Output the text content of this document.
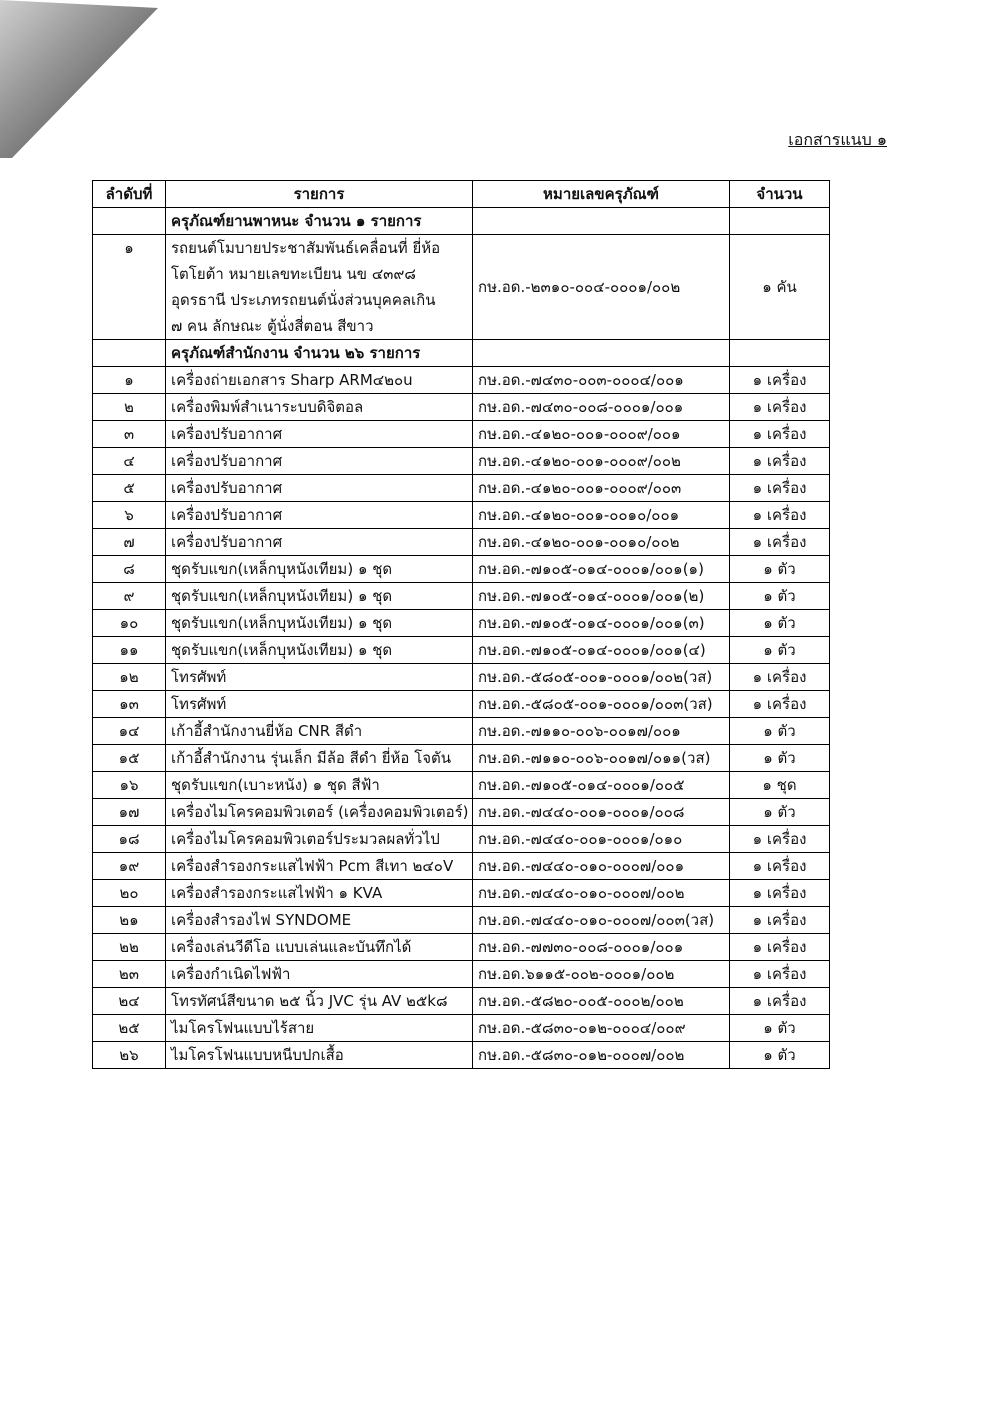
เอกสารแนบ ๑
ลำดับที่	รายการ	หมายเลขครุภัณฑ์	จำนวน
	ครุภัณฑ์ยานพาหนะ จำนวน ๑ รายการ		
๑	รถยนต์โมบายประชาสัมพันธ์เคลื่อนที่ ยี่ห้อ
โตโยต้า หมายเลขทะเบียน นข ๔๓๙๘
อุดรธานี ประเภทรถยนต์นั่งส่วนบุคคลเกิน
๗ คน ลักษณะ ตู้นั่งสี่ตอน สีขาว	กษ.อด.-๒๓๑๐-๐๐๔-๐๐๐๑/๐๐๒	๑ คัน
	ครุภัณฑ์สำนักงาน จำนวน ๒๖ รายการ		
๑	เครื่องถ่ายเอกสาร Sharp ARM๔๒๐u	กษ.อด.-๗๔๓๐-๐๐๓-๐๐๐๔/๐๐๑	๑ เครื่อง
๒	เครื่องพิมพ์สำเนาระบบดิจิตอล	กษ.อด.-๗๔๓๐-๐๐๘-๐๐๐๑/๐๐๑	๑ เครื่อง
๓	เครื่องปรับอากาศ	กษ.อด.-๔๑๒๐-๐๐๑-๐๐๐๙/๐๐๑	๑ เครื่อง
๔	เครื่องปรับอากาศ	กษ.อด.-๔๑๒๐-๐๐๑-๐๐๐๙/๐๐๒	๑ เครื่อง
๕	เครื่องปรับอากาศ	กษ.อด.-๔๑๒๐-๐๐๑-๐๐๐๙/๐๐๓	๑ เครื่อง
๖	เครื่องปรับอากาศ	กษ.อด.-๔๑๒๐-๐๐๑-๐๐๑๐/๐๐๑	๑ เครื่อง
๗	เครื่องปรับอากาศ	กษ.อด.-๔๑๒๐-๐๐๑-๐๐๑๐/๐๐๒	๑ เครื่อง
๘	ชุดรับแขก(เหล็กบุหนังเทียม) ๑ ชุด	กษ.อด.-๗๑๐๕-๐๑๔-๐๐๐๑/๐๐๑(๑)	๑ ตัว
๙	ชุดรับแขก(เหล็กบุหนังเทียม) ๑ ชุด	กษ.อด.-๗๑๐๕-๐๑๔-๐๐๐๑/๐๐๑(๒)	๑ ตัว
๑๐	ชุดรับแขก(เหล็กบุหนังเทียม) ๑ ชุด	กษ.อด.-๗๑๐๕-๐๑๔-๐๐๐๑/๐๐๑(๓)	๑ ตัว
๑๑	ชุดรับแขก(เหล็กบุหนังเทียม) ๑ ชุด	กษ.อด.-๗๑๐๕-๐๑๔-๐๐๐๑/๐๐๑(๔)	๑ ตัว
๑๒	โทรศัพท์	กษ.อด.-๕๘๐๕-๐๐๑-๐๐๐๑/๐๐๒(วส)	๑ เครื่อง
๑๓	โทรศัพท์	กษ.อด.-๕๘๐๕-๐๐๑-๐๐๐๑/๐๐๓(วส)	๑ เครื่อง
๑๔	เก้าอี้สำนักงานยี่ห้อ CNR สีดำ	กษ.อด.-๗๑๑๐-๐๐๖-๐๐๑๗/๐๐๑	๑ ตัว
๑๕	เก้าอี้สำนักงาน รุ่นเล็ก มีล้อ สีดำ ยี่ห้อ โจตัน	กษ.อด.-๗๑๑๐-๐๐๖-๐๐๑๗/๐๑๑(วส)	๑ ตัว
๑๖	ชุดรับแขก(เบาะหนัง) ๑ ชุด สีฟ้า	กษ.อด.-๗๑๐๕-๐๑๔-๐๐๐๑/๐๐๕	๑ ชุด
๑๗	เครื่องไมโครคอมพิวเตอร์ (เครื่องคอมพิวเตอร์)	กษ.อด.-๗๔๔๐-๐๐๑-๐๐๐๑/๐๐๘	๑ ตัว
๑๘	เครื่องไมโครคอมพิวเตอร์ประมวลผลทั่วไป	กษ.อด.-๗๔๔๐-๐๐๑-๐๐๐๑/๐๑๐	๑ เครื่อง
๑๙	เครื่องสำรองกระแสไฟฟ้า Pcm สีเทา ๒๔๐V	กษ.อด.-๗๔๔๐-๐๑๐-๐๐๐๗/๐๐๑	๑ เครื่อง
๒๐	เครื่องสำรองกระแสไฟฟ้า ๑ KVA	กษ.อด.-๗๔๔๐-๐๑๐-๐๐๐๗/๐๐๒	๑ เครื่อง
๒๑	เครื่องสำรองไฟ SYNDOME	กษ.อด.-๗๔๔๐-๐๑๐-๐๐๐๗/๐๐๓(วส)	๑ เครื่อง
๒๒	เครื่องเล่นวีดีโอ แบบเล่นและบันทึกได้	กษ.อด.-๗๗๓๐-๐๐๘-๐๐๐๑/๐๐๑	๑ เครื่อง
๒๓	เครื่องกำเนิดไฟฟ้า	กษ.อด.๖๑๑๕-๐๐๒-๐๐๐๑/๐๐๒	๑ เครื่อง
๒๔	โทรทัศน์สีขนาด ๒๕ นิ้ว JVC รุ่น AV ๒๕k๘	กษ.อด.-๕๘๒๐-๐๐๕-๐๐๐๒/๐๐๒	๑ เครื่อง
๒๕	ไมโครโฟนแบบไร้สาย	กษ.อด.-๕๘๓๐-๐๑๒-๐๐๐๔/๐๐๙	๑ ตัว
๒๖	ไมโครโฟนแบบหนีบปกเสื้อ	กษ.อด.-๕๘๓๐-๐๑๒-๐๐๐๗/๐๐๒	๑ ตัว
